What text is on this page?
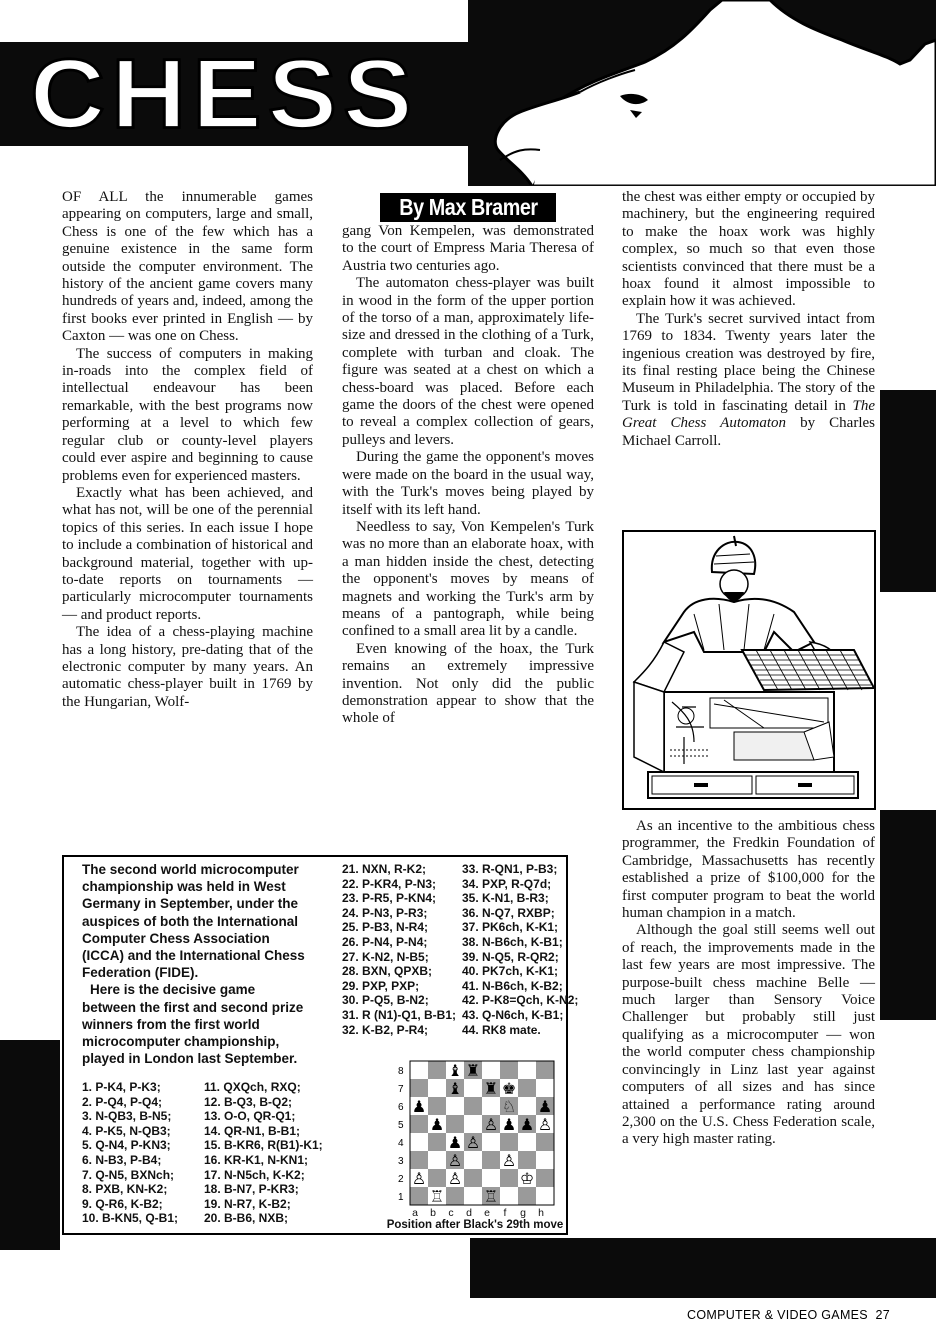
CHESS
By Max Bramer

OF ALL the innumerable games appearing on computers, large and small, Chess is one of the few which has a genuine existence in the same form outside the computer environment. The history of the ancient game covers many hundreds of years and, indeed, among the first books ever printed in English — by Caxton — was one on Chess.

The success of computers in making in-roads into the complex field of intellectual endeavour has been remarkable, with the best programs now performing at a level to which few regular club or county-level players could ever aspire and beginning to cause problems even for experienced masters.

Exactly what has been achieved, and what has not, will be one of the perennial topics of this series. In each issue I hope to include a combination of historical and background material, together with up-to-date reports on tournaments — particularly microcomputer tournaments — and product reports.

The idea of a chess-playing machine has a long history, pre-dating that of the electronic computer by many years. An automatic chess-player built in 1769 by the Hungarian, Wolf-

gang Von Kempelen, was demonstrated to the court of Empress Maria Theresa of Austria two centuries ago.

The automaton chess-player was built in wood in the form of the upper portion of the torso of a man, approximately life-size and dressed in the clothing of a Turk, complete with turban and cloak. The figure was seated at a chest on which a chess-board was placed. Before each game the doors of the chest were opened to reveal a complex collection of gears, pulleys and levers.

During the game the opponent's moves were made on the board in the usual way, with the Turk's moves being played by itself with its left hand.

Needless to say, Von Kempelen's Turk was no more than an elaborate hoax, with a man hidden inside the chest, detecting the opponent's moves by means of magnets and working the Turk's arm by means of a pantograph, while being confined to a small area lit by a candle.

Even knowing of the hoax, the Turk remains an extremely impressive invention. Not only did the public demonstration appear to show that the whole of

the chest was either empty or occupied by machinery, but the engineering required to make the hoax work was highly complex, so much so that even those scientists convinced that there must be a hoax found it almost impossible to explain how it was achieved.

The Turk's secret survived intact from 1769 to 1834. Twenty years later the ingenious creation was destroyed by fire, its final resting place being the Chinese Museum in Philadelphia. The story of the Turk is told in fascinating detail in The Great Chess Automaton by Charles Michael Carroll.

As an incentive to the ambitious chess programmer, the Fredkin Foundation of Cambridge, Massachusetts has recently established a prize of $100,000 for the first computer program to beat the world human champion in a match.

Although the goal still seems well out of reach, the improvements made in the last few years are most impressive. The purpose-built chess machine Belle — much larger than Sensory Voice Challenger but probably still just qualifying as a microcomputer — won the world computer chess championship convincingly in Linz last year against computers of all sizes and has since attained a performance rating around 2,300 on the U.S. Chess Federation scale, a very high master rating.

The second world microcomputer championship was held in West Germany in September, under the auspices of both the International Computer Chess Association (ICCA) and the International Chess Federation (FIDE).

Here is the decisive game between the first and second prize winners from the first world microcomputer championship, played in London last September.

1. P-K4, P-K3;
2. P-Q4, P-Q4;
3. N-QB3, B-N5;
4. P-K5, N-QB3;
5. Q-N4, P-KN3;
6. N-B3, P-B4;
7. Q-N5, BXNch;
8. PXB, KN-K2;
9. Q-R6, K-B2;
10. B-KN5, Q-B1;
11. QXQch, RXQ;
12. B-Q3, B-Q2;
13. O-O, QR-Q1;
14. QR-N1, B-B1;
15. B-KR6, R(B1)-K1;
16. KR-K1, N-KN1;
17. N-N5ch, K-K2;
18. B-N7, P-KR3;
19. N-R7, K-B2;
20. B-B6, NXB;
21. NXN, R-K2;
22. P-KR4, P-N3;
23. P-R5, P-KN4;
24. P-N3, P-R3;
25. P-B3, N-R4;
26. P-N4, P-N4;
27. K-N2, N-B5;
28. BXN, QPXB;
29. PXP, PXP;
30. P-Q5, B-N2;
31. R (N1)-Q1, B-B1;
32. K-B2, P-R4;
33. R-QN1, P-B3;
34. PXP, R-Q7d;
35. K-N1, B-R3;
36. N-Q7, RXBP;
37. PK6ch, K-K1;
38. N-B6ch, K-B1;
39. N-Q5, R-QR2;
40. PK7ch, K-K1;
41. N-B6ch, K-B2;
42. P-K8=Qch, K-N2;
43. Q-N6ch, K-B1;
44. RK8 mate.
8
7
6
5
4
3
2
1
♝ ♜
♝ ♜ ♚
♟	♘ ♟
♟ ♙ ♟ ♟ ♙
♟ ♙
♙ ♙
♙ ♙	♔
♖ ♖
a	b	c	d	e	f	g	h
Position after Black's 29th move
COMPUTER & VIDEO GAMES 27
